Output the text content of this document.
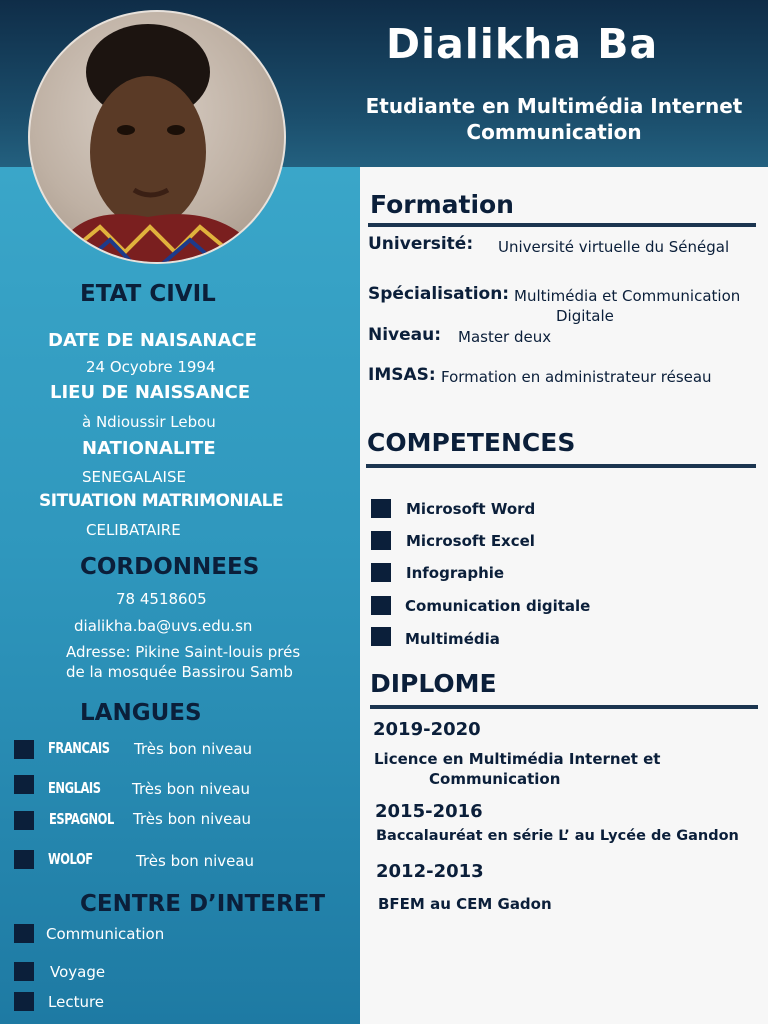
Dialikha Ba
Etudiante en Multimédia Internet
Communication
ETAT CIVIL
DATE DE NAISANACE
24 Ocyobre 1994
LIEU DE NAISSANCE
à Ndioussir Lebou
NATIONALITE
SENEGALAISE
SITUATION MATRIMONIALE
CELIBATAIRE
CORDONNEES
78 4518605
dialikha.ba@uvs.edu.sn
Adresse: Pikine Saint-louis prés
de la mosquée Bassirou Samb
LANGUES
FRANCAIS Très bon niveau
ENGLAIS Très bon niveau
ESPAGNOL Très bon niveau
WOLOF	Très bon niveau
CENTRE D’INTERET
Communication
Voyage
Lecture
Formation
Université: Université virtuelle du Sénégal
Spécialisation: Multimédia et Communication
Digitale
Niveau: Master deux
IMSAS: Formation en administrateur réseau
COMPETENCES
Microsoft Word
Microsoft Excel
Infographie
Comunication digitale
Multimédia
DIPLOME
2019-2020
Licence en Multimédia Internet et
Communication
2015-2016
Baccalauréat en série L’ au Lycée de Gandon
2012-2013
BFEM au CEM Gadon
